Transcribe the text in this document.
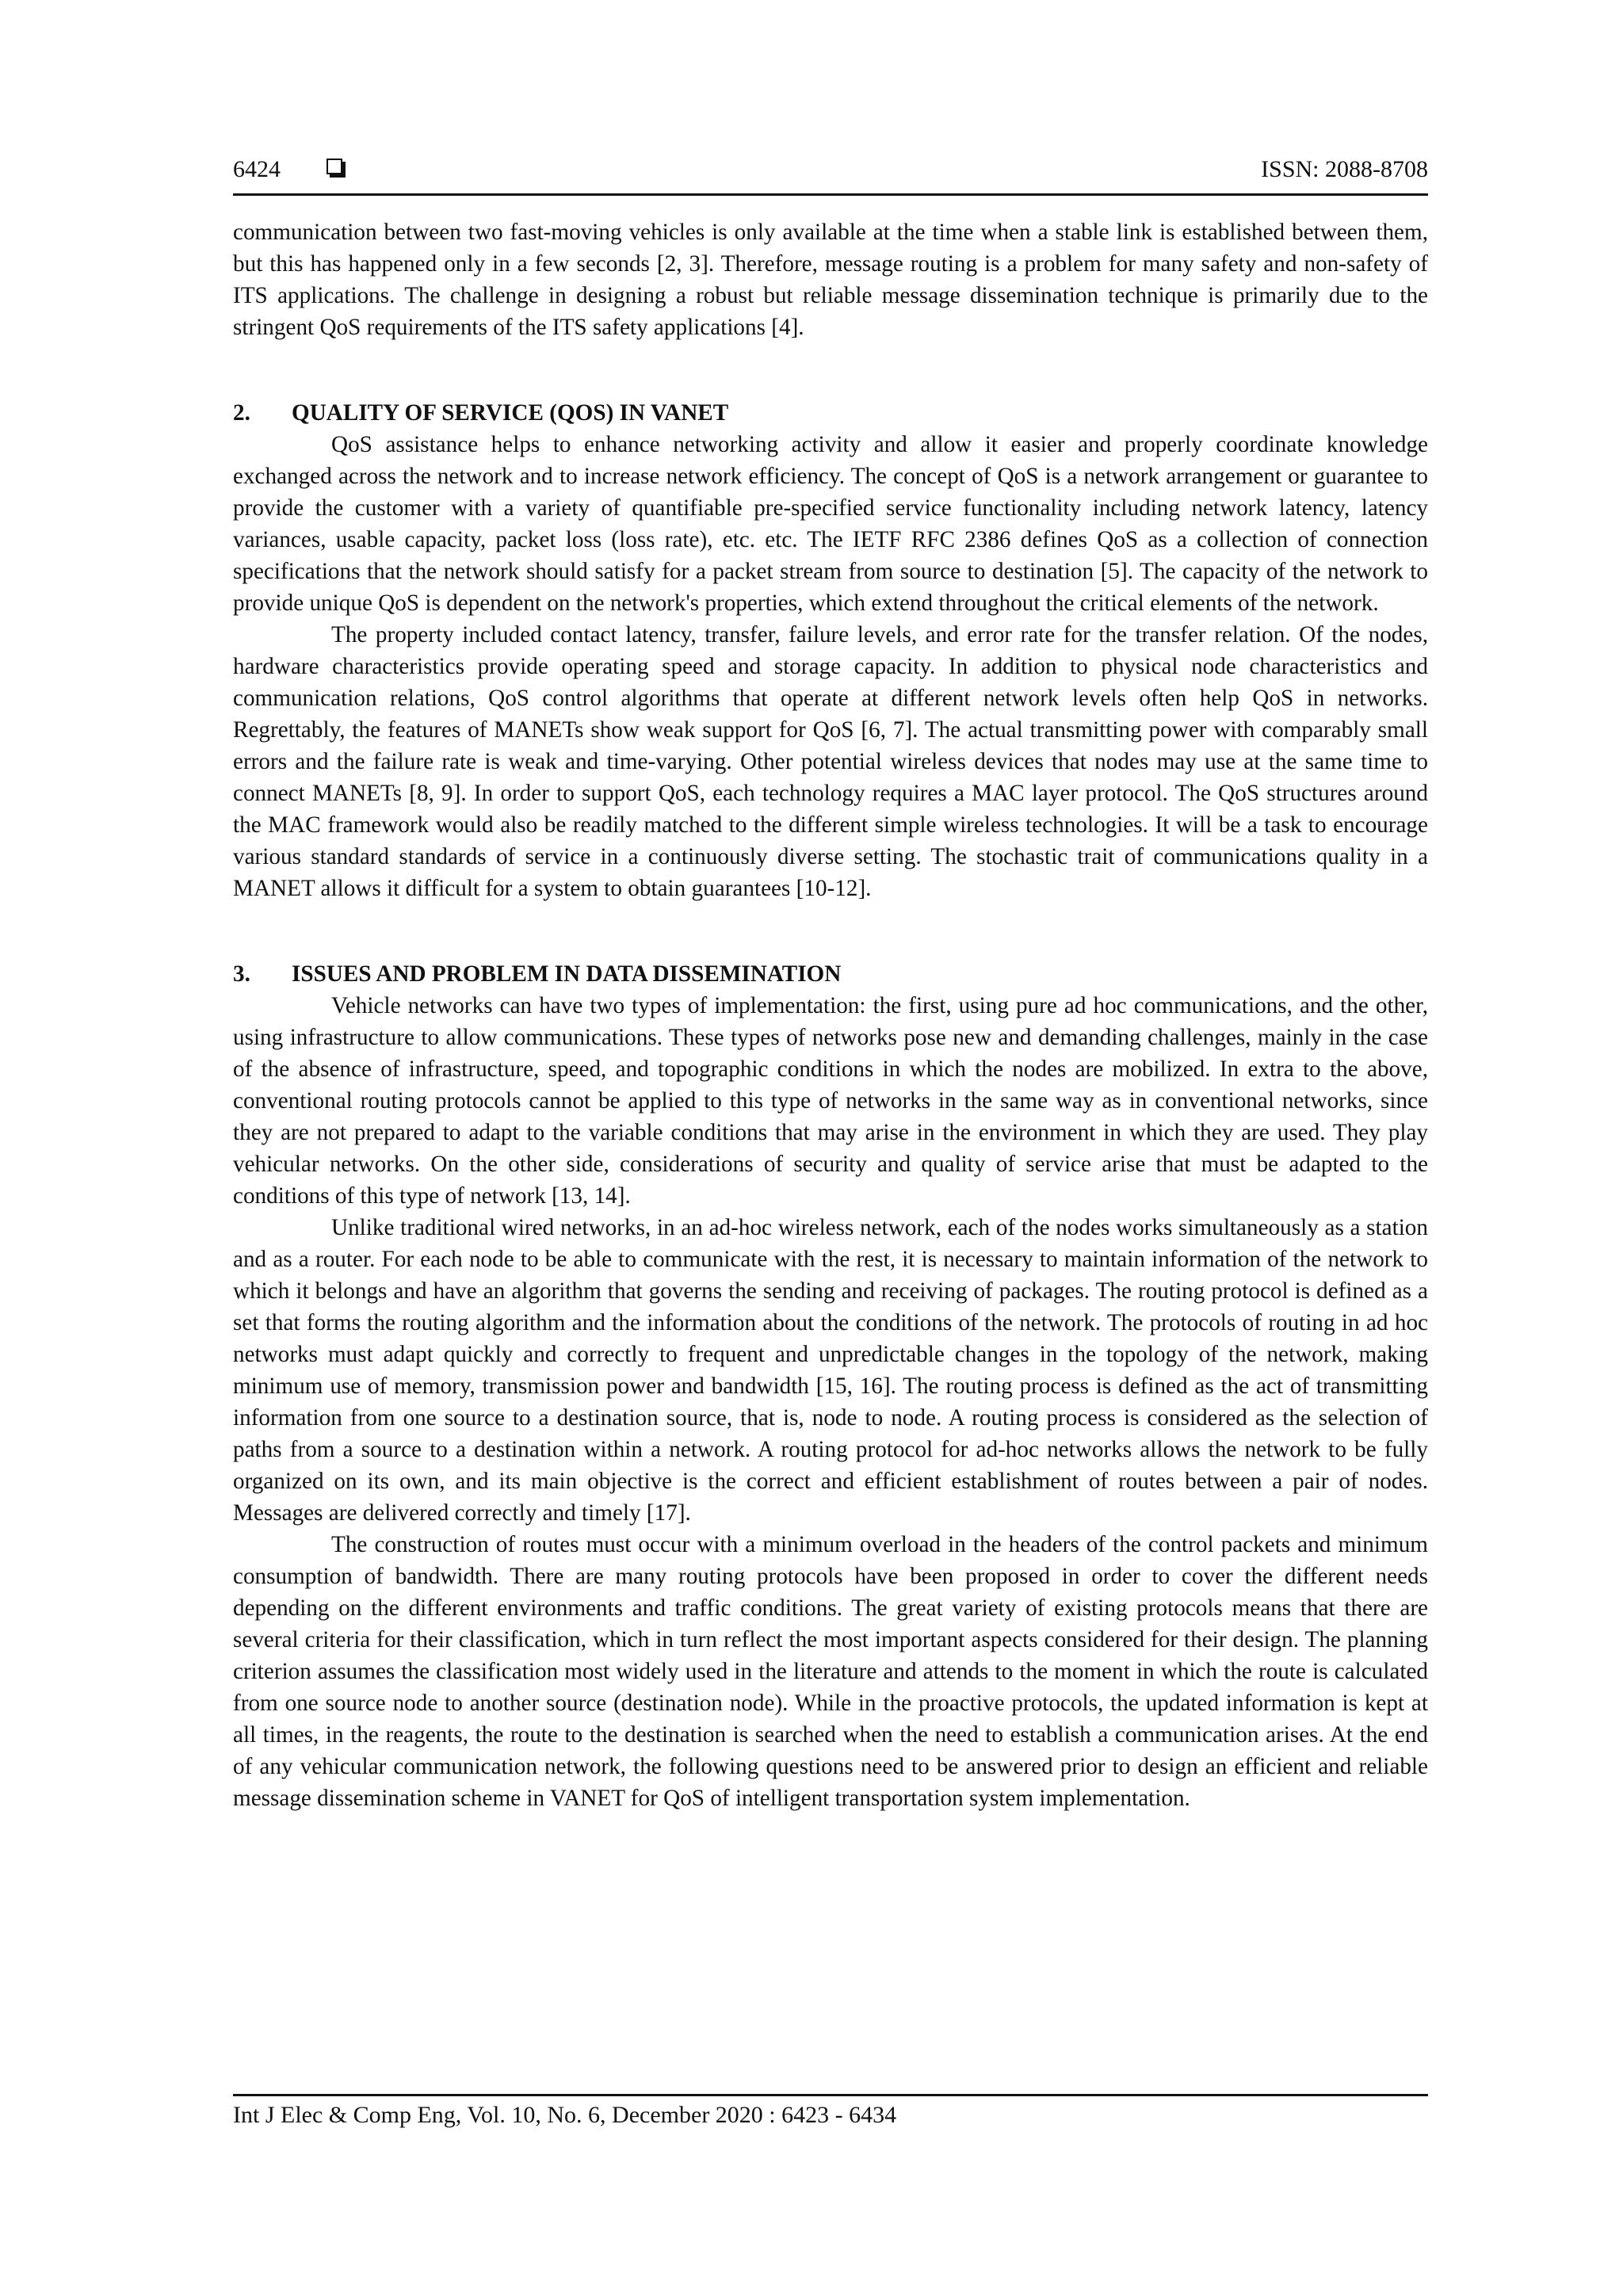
6424	ISSN: 2088-8708

communication between two fast-moving vehicles is only available at the time when a stable link is established between them, but this has happened only in a few seconds [2, 3]. Therefore, message routing is a problem for many safety and non-safety of ITS applications. The challenge in designing a robust but reliable message dissemination technique is primarily due to the stringent QoS requirements of the ITS safety applications [4].

2. QUALITY OF SERVICE (QOS) IN VANET

QoS assistance helps to enhance networking activity and allow it easier and properly coordinate knowledge exchanged across the network and to increase network efficiency. The concept of QoS is a network arrangement or guarantee to provide the customer with a variety of quantifiable pre-specified service functionality including network latency, latency variances, usable capacity, packet loss (loss rate), etc. etc. The IETF RFC 2386 defines QoS as a collection of connection specifications that the network should satisfy for a packet stream from source to destination [5]. The capacity of the network to provide unique QoS is dependent on the network's properties, which extend throughout the critical elements of the network.

The property included contact latency, transfer, failure levels, and error rate for the transfer relation. Of the nodes, hardware characteristics provide operating speed and storage capacity. In addition to physical node characteristics and communication relations, QoS control algorithms that operate at different network levels often help QoS in networks. Regrettably, the features of MANETs show weak support for QoS [6, 7]. The actual transmitting power with comparably small errors and the failure rate is weak and time-varying. Other potential wireless devices that nodes may use at the same time to connect MANETs [8, 9]. In order to support QoS, each technology requires a MAC layer protocol. The QoS structures around the MAC framework would also be readily matched to the different simple wireless technologies. It will be a task to encourage various standard standards of service in a continuously diverse setting. The stochastic trait of communications quality in a MANET allows it difficult for a system to obtain guarantees [10-12].

3. ISSUES AND PROBLEM IN DATA DISSEMINATION

Vehicle networks can have two types of implementation: the first, using pure ad hoc communications, and the other, using infrastructure to allow communications. These types of networks pose new and demanding challenges, mainly in the case of the absence of infrastructure, speed, and topographic conditions in which the nodes are mobilized. In extra to the above, conventional routing protocols cannot be applied to this type of networks in the same way as in conventional networks, since they are not prepared to adapt to the variable conditions that may arise in the environment in which they are used. They play vehicular networks. On the other side, considerations of security and quality of service arise that must be adapted to the conditions of this type of network [13, 14].

Unlike traditional wired networks, in an ad-hoc wireless network, each of the nodes works simultaneously as a station and as a router. For each node to be able to communicate with the rest, it is necessary to maintain information of the network to which it belongs and have an algorithm that governs the sending and receiving of packages. The routing protocol is defined as a set that forms the routing algorithm and the information about the conditions of the network. The protocols of routing in ad hoc networks must adapt quickly and correctly to frequent and unpredictable changes in the topology of the network, making minimum use of memory, transmission power and bandwidth [15, 16]. The routing process is defined as the act of transmitting information from one source to a destination source, that is, node to node. A routing process is considered as the selection of paths from a source to a destination within a network. A routing protocol for ad-hoc networks allows the network to be fully organized on its own, and its main objective is the correct and efficient establishment of routes between a pair of nodes. Messages are delivered correctly and timely [17].

The construction of routes must occur with a minimum overload in the headers of the control packets and minimum consumption of bandwidth. There are many routing protocols have been proposed in order to cover the different needs depending on the different environments and traffic conditions. The great variety of existing protocols means that there are several criteria for their classification, which in turn reflect the most important aspects considered for their design. The planning criterion assumes the classification most widely used in the literature and attends to the moment in which the route is calculated from one source node to another source (destination node). While in the proactive protocols, the updated information is kept at all times, in the reagents, the route to the destination is searched when the need to establish a communication arises. At the end of any vehicular communication network, the following questions need to be answered prior to design an efficient and reliable message dissemination scheme in VANET for QoS of intelligent transportation system implementation.

Int J Elec & Comp Eng, Vol. 10, No. 6, December 2020 : 6423 - 6434
